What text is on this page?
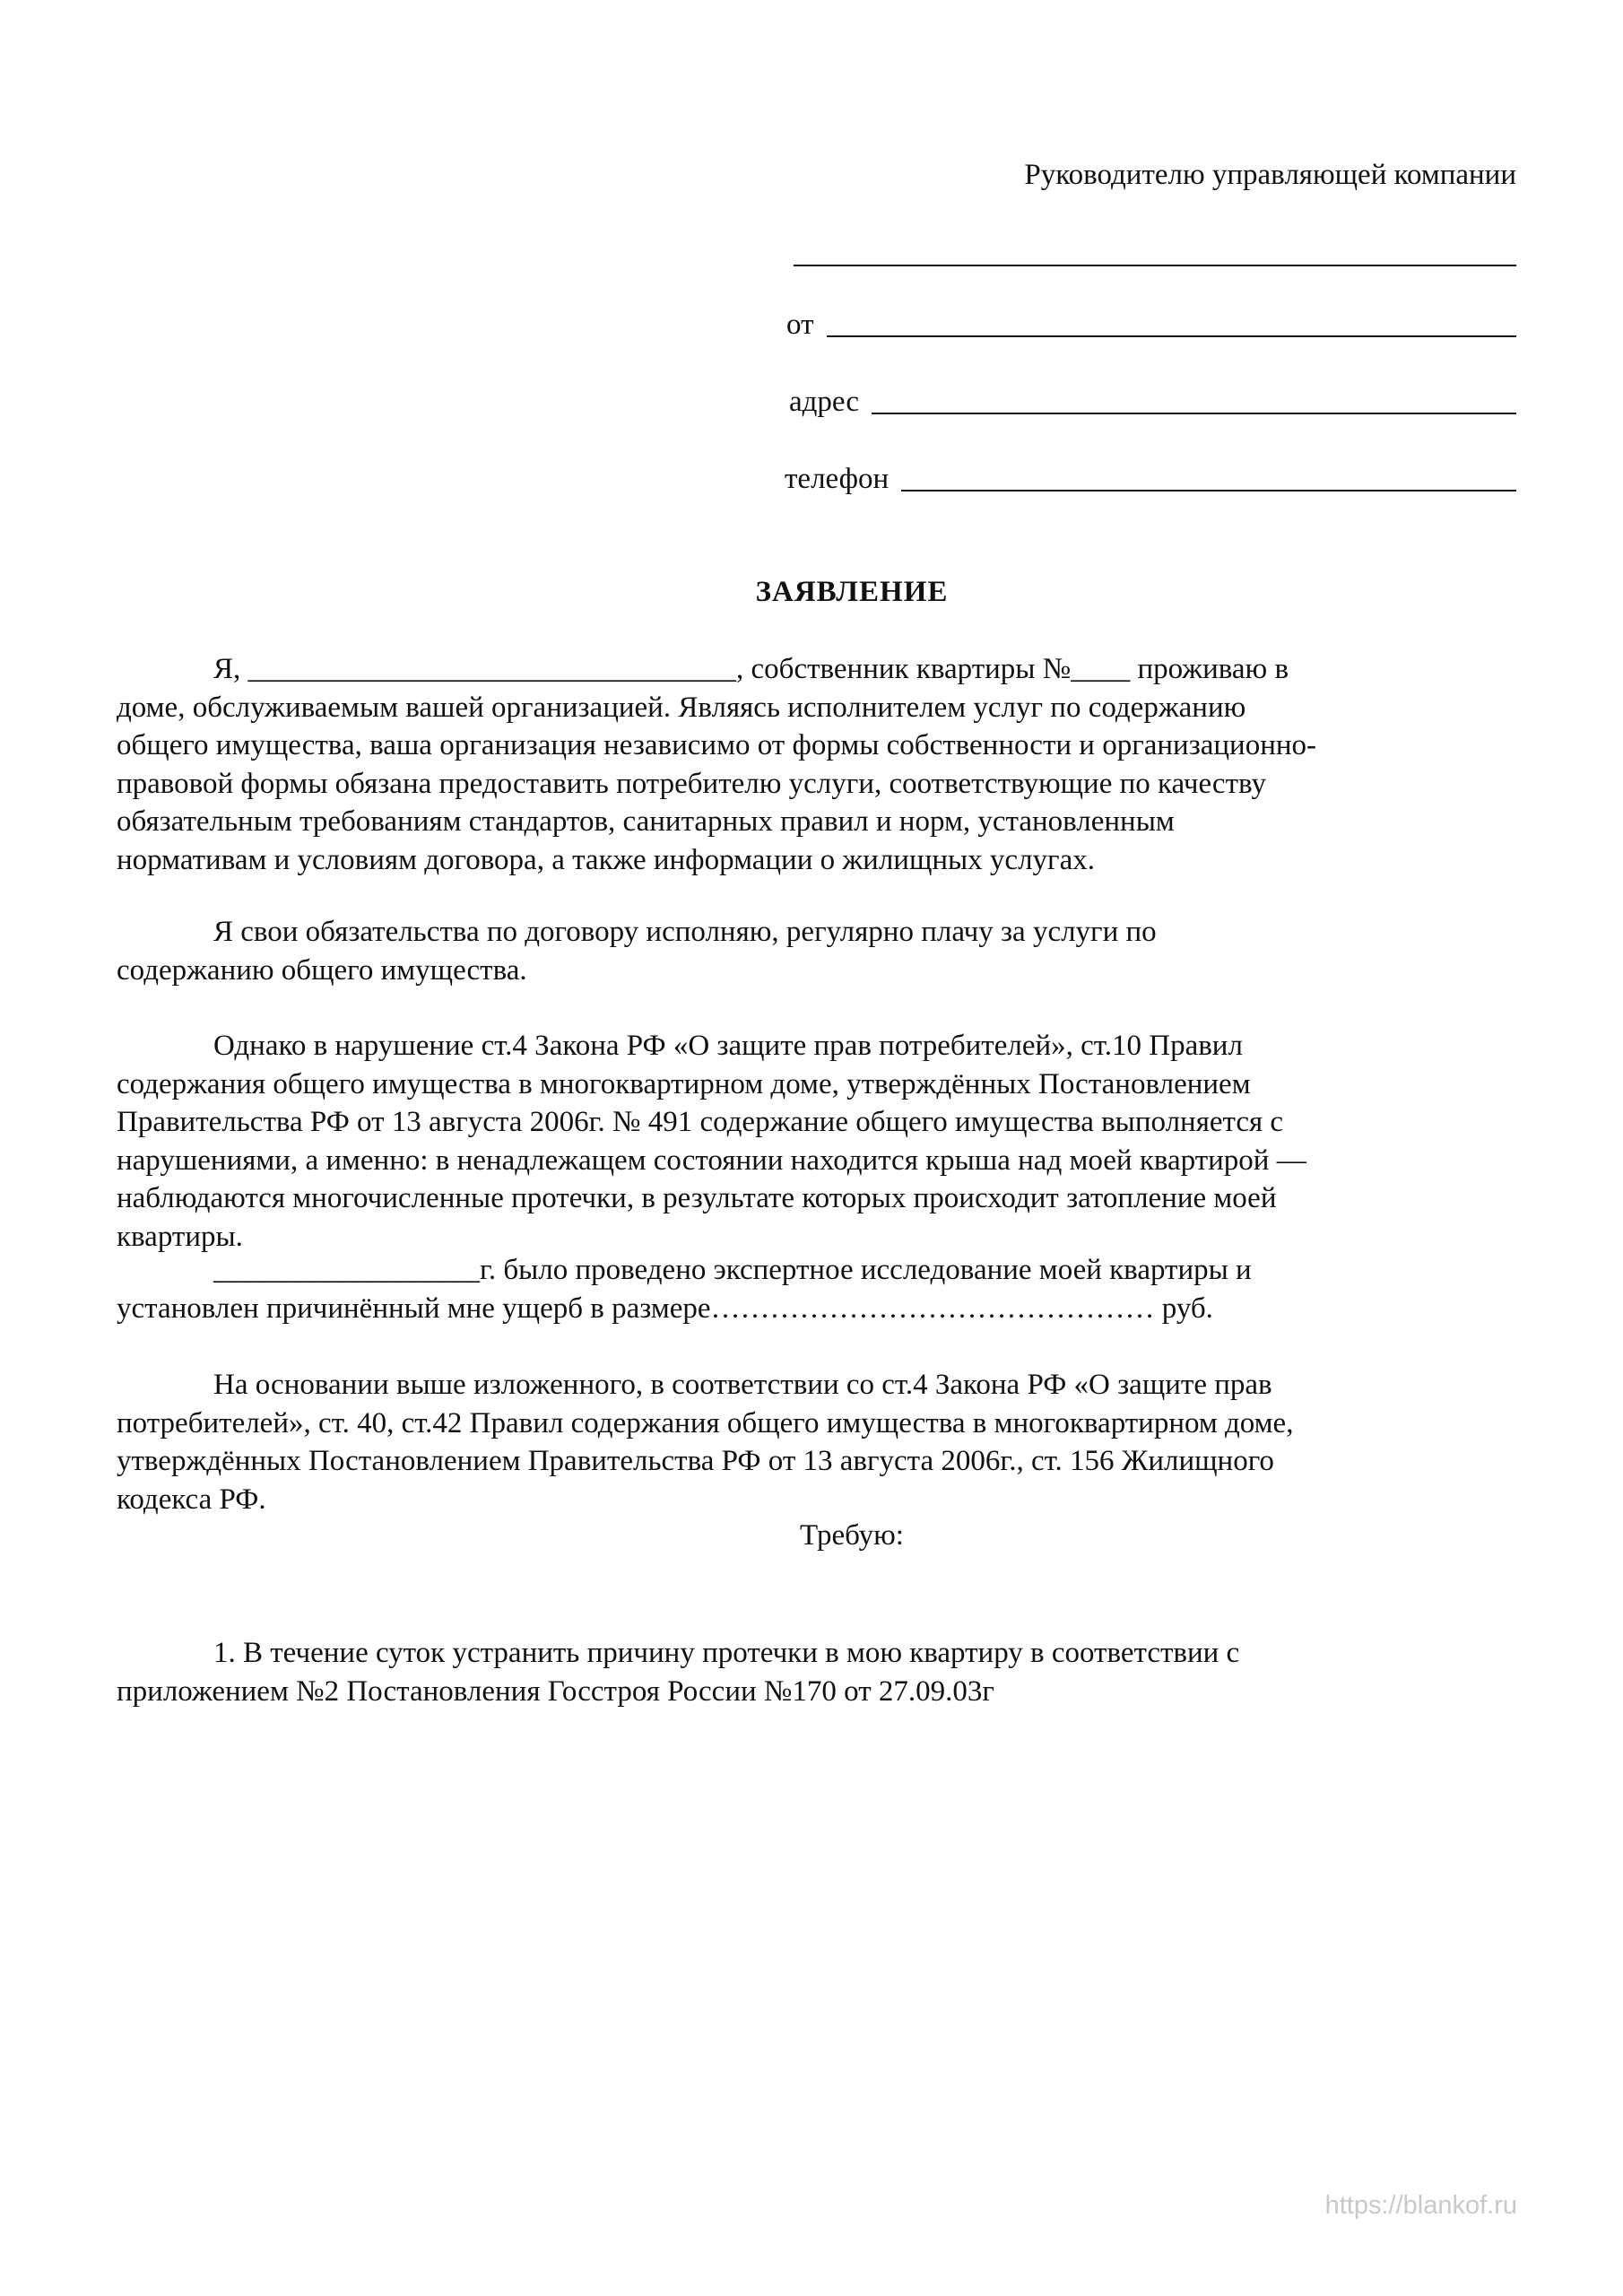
Руководителю управляющей компании
от
адрес
телефон
ЗАЯВЛЕНИЕ
Я, _________________________________, собственник квартиры №____ проживаю в
доме, обслуживаемым вашей организацией. Являясь исполнителем услуг по содержанию
общего имущества, ваша организация независимо от формы собственности и организационно-
правовой формы обязана предоставить потребителю услуги, соответствующие по качеству
обязательным требованиям стандартов, санитарных правил и норм, установленным
нормативам и условиям договора, а также информации о жилищных услугах.
Я свои обязательства по договору исполняю, регулярно плачу за услуги по
содержанию общего имущества.
Однако в нарушение ст.4 Закона РФ «О защите прав потребителей», ст.10 Правил
содержания общего имущества в многоквартирном доме, утверждённых Постановлением
Правительства РФ от 13 августа 2006г. № 491 содержание общего имущества выполняется с
нарушениями, а именно: в ненадлежащем состоянии находится крыша над моей квартирой —
наблюдаются многочисленные протечки, в результате которых происходит затопление моей
квартиры.
__________________г. было проведено экспертное исследование моей квартиры и
установлен причинённый мне ущерб в размере……………………………………… руб.
На основании выше изложенного, в соответствии со ст.4 Закона РФ «О защите прав
потребителей», ст. 40, ст.42 Правил содержания общего имущества в многоквартирном доме,
утверждённых Постановлением Правительства РФ от 13 августа 2006г., ст. 156 Жилищного
кодекса РФ.
Требую:
1. В течение суток устранить причину протечки в мою квартиру в соответствии с
приложением №2 Постановления Госстроя России №170 от 27.09.03г
https://blankof.ru
